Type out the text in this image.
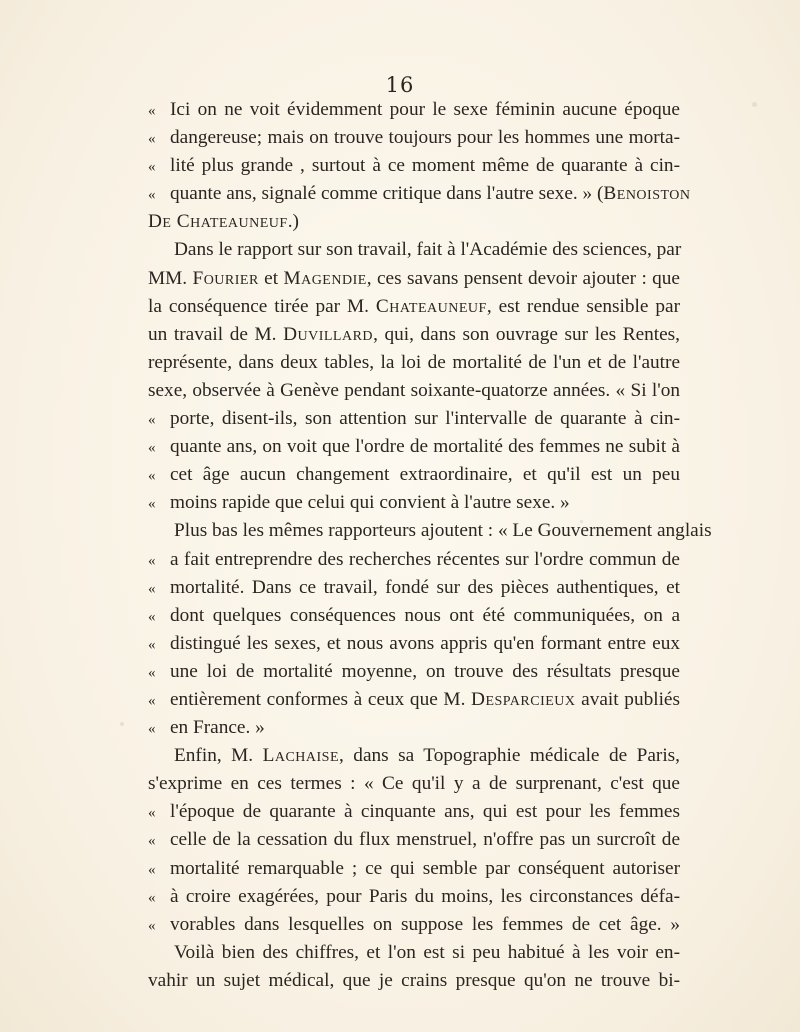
16
« Ici on ne voit évidemment pour le sexe féminin aucune époque
« dangereuse; mais on trouve toujours pour les hommes une morta-
« lité plus grande , surtout à ce moment même de quarante à cin-
« quante ans, signalé comme critique dans l'autre sexe. » (Benoiston
De Chateauneuf.)
Dans le rapport sur son travail, fait à l'Académie des sciences, par
MM. Fourier et Magendie, ces savans pensent devoir ajouter : que
la conséquence tirée par M. Chateauneuf, est rendue sensible par
un travail de M. Duvillard, qui, dans son ouvrage sur les Rentes,
représente, dans deux tables, la loi de mortalité de l'un et de l'autre
sexe, observée à Genève pendant soixante-quatorze années. « Si l'on
« porte, disent-ils, son attention sur l'intervalle de quarante à cin-
« quante ans, on voit que l'ordre de mortalité des femmes ne subit à
« cet âge aucun changement extraordinaire, et qu'il est un peu
« moins rapide que celui qui convient à l'autre sexe. »
Plus bas les mêmes rapporteurs ajoutent : « Le Gouvernement anglais
« a fait entreprendre des recherches récentes sur l'ordre commun de
« mortalité. Dans ce travail, fondé sur des pièces authentiques, et
« dont quelques conséquences nous ont été communiquées, on a
« distingué les sexes, et nous avons appris qu'en formant entre eux
« une loi de mortalité moyenne, on trouve des résultats presque
« entièrement conformes à ceux que M. Desparcieux avait publiés
« en France. »
Enfin, M. Lachaise, dans sa Topographie médicale de Paris,
s'exprime en ces termes : « Ce qu'il y a de surprenant, c'est que
« l'époque de quarante à cinquante ans, qui est pour les femmes
« celle de la cessation du flux menstruel, n'offre pas un surcroît de
« mortalité remarquable ; ce qui semble par conséquent autoriser
« à croire exagérées, pour Paris du moins, les circonstances défa-
« vorables dans lesquelles on suppose les femmes de cet âge. »
Voilà bien des chiffres, et l'on est si peu habitué à les voir en-
vahir un sujet médical, que je crains presque qu'on ne trouve bi-
